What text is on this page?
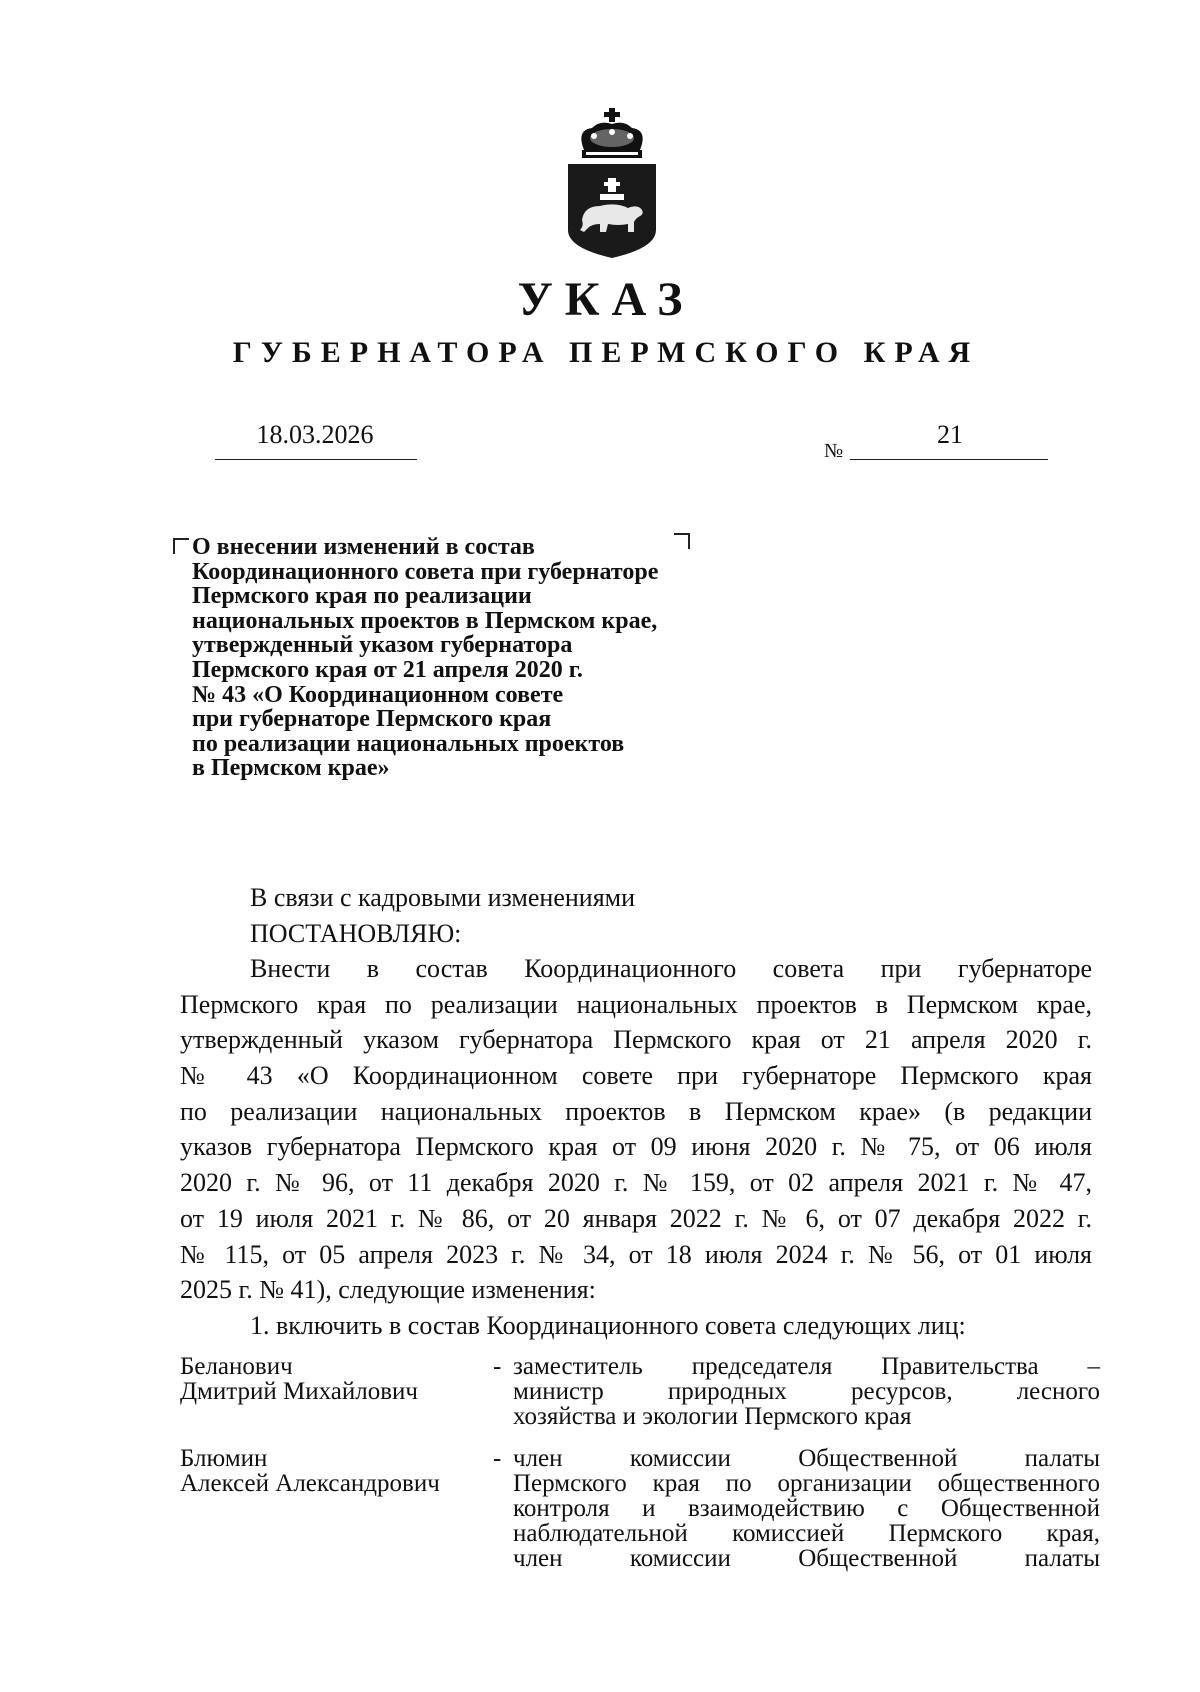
УКАЗ
ГУБЕРНАТОРА ПЕРМСКОГО КРАЯ
18.03.2026
№
21
О внесении изменений в состав
Координационного совета при губернаторе
Пермского края по реализации
национальных проектов в Пермском крае,
утвержденный указом губернатора
Пермского края от 21 апреля 2020 г.
№ 43 «О Координационном совете
при губернаторе Пермского края
по реализации национальных проектов
в Пермском крае»
В связи с кадровыми изменениями
ПОСТАНОВЛЯЮ:
Внести в состав Координационного совета при губернаторе
Пермского края по реализации национальных проектов в Пермском крае,
утвержденный указом губернатора Пермского края от 21 апреля 2020 г.
№ 43 «О Координационном совете при губернаторе Пермского края
по реализации национальных проектов в Пермском крае» (в редакции
указов губернатора Пермского края от 09 июня 2020 г. № 75, от 06 июля
2020 г. № 96, от 11 декабря 2020 г. № 159, от 02 апреля 2021 г. № 47,
от 19 июля 2021 г. № 86, от 20 января 2022 г. № 6, от 07 декабря 2022 г.
№ 115, от 05 апреля 2023 г. № 34, от 18 июля 2024 г. № 56, от 01 июля
2025 г. № 41), следующие изменения:
1. включить в состав Координационного совета следующих лиц:
Беланович
Дмитрий Михайлович
- заместитель председателя Правительства –
министр природных ресурсов, лесного
хозяйства и экологии Пермского края
Блюмин
Алексей Александрович
- член комиссии Общественной палаты
Пермского края по организации общественного
контроля и взаимодействию с Общественной
наблюдательной комиссией Пермского края,
член комиссии Общественной палаты
